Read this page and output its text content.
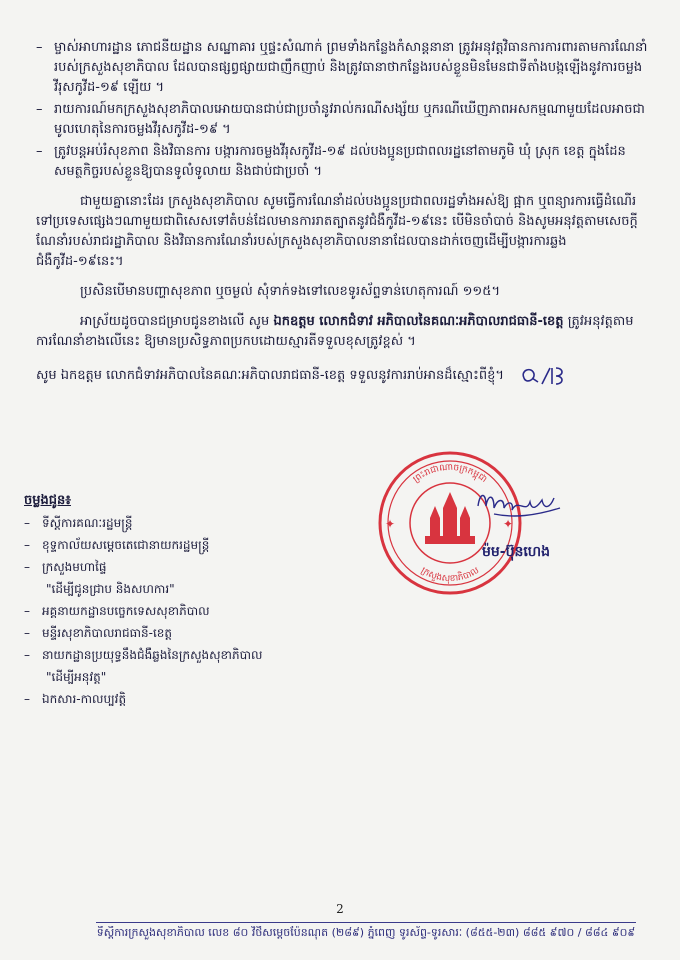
– ម្ចាស់អាហារដ្ឋាន ភោជនីយដ្ឋាន សណ្ឋាគារ ឬផ្ទះសំណាក់ ព្រមទាំងកន្លែងកំសាន្តនានា ត្រូវអនុវត្តវិធានការការពារតាមការណែនាំរបស់ក្រសួងសុខាភិបាល ដែលបានផ្សព្វផ្សាយជាញឹកញាប់ និងត្រូវធានាថាកន្លែងរបស់ខ្លួនមិនមែនជាទីតាំងបង្កឡើងនូវការចម្លងវីរុសកូវីដ-១៩ ឡើយ ។
– រាយការណ៍មកក្រសួងសុខាភិបាលអោយបានជាប់ជាប្រចាំនូវរាល់ករណីសង្ស័យ ឬករណីឃើញភាពអសកម្មណាមួយដែលអាចជាមូលហេតុនៃការចម្លងវីរុសកូវីដ-១៩ ។
– ត្រូវបន្តអប់រំសុខភាព និងវិធានការ បង្ការការចម្លងវីរុសកូវីដ-១៩ ដល់បងប្អូនប្រជាពលរដ្ឋនៅតាមភូមិ ឃុំ ស្រុក ខេត្ត ក្នុងដែនសមត្ថកិច្ចរបស់ខ្លួនឱ្យបានទូលំទូលាយ និងជាប់ជាប្រចាំ ។

ជាមួយគ្នានោះដែរ ក្រសួងសុខាភិបាល សូមធ្វើការណែនាំដល់បងប្អូនប្រជាពលរដ្ឋទាំងអស់ឱ្យ ផ្អាក ឬពន្យារការធ្វើដំណើរទៅប្រទេសផ្សេងៗណាមួយជាពិសេសទៅតំបន់ដែលមានការរាតត្បាតនូវជំងឺកូវីដ-១៩នេះ បើមិនចាំបាច់ និងសូមអនុវត្តតាមសេចក្តីណែនាំរបស់រាជរដ្ឋាភិបាល និងវិធានការណែនាំរបស់ក្រសួងសុខាភិបាលនានាដែលបានដាក់ចេញដើម្បីបង្ការការឆ្លងជំងឺកូវីដ-១៩នេះ។

ប្រសិនបើមានបញ្ហាសុខភាព ឬចម្ងល់ សុំទាក់ទងទៅលេខទូរស័ព្ទទាន់ហេតុការណ៍ ១១៥។

អាស្រ័យដូចបានជម្រាបជូនខាងលើ សូម ឯកឧត្តម លោកជំទាវ អភិបាលនៃគណៈអភិបាលរាជធានី-ខេត្ត ត្រូវអនុវត្តតាមការណែនាំខាងលើនេះ ឱ្យមានប្រសិទ្ធភាពប្រកបដោយស្មារតីទទួលខុសត្រូវខ្ពស់ ។

សូម ឯកឧត្តម លោកជំទាវអភិបាលនៃគណៈអភិបាលរាជធានី-ខេត្ត ទទួលនូវការរាប់អានដ៏ស្មោះពីខ្ញុំ។
ចម្លងជូន៖
–	ទីស្តីការគណៈរដ្ឋមន្ត្រី
–	ខុទ្ទកាល័យសម្តេចតេជោនាយករដ្ឋមន្ត្រី
–	ក្រសួងមហាផ្ទៃ
"ដើម្បីជូនជ្រាប និងសហការ"
–	អគ្គនាយកដ្ឋានបច្ចេកទេសសុខាភិបាល
–	មន្ទីរសុខាភិបាលរាជធានី-ខេត្ត
–	នាយកដ្ឋានប្រយុទ្ធនឹងជំងឺឆ្លងនៃក្រសួងសុខាភិបាល
"ដើម្បីអនុវត្ត"
–	ឯកសារ-កាលប្បវត្តិ
ព្រះរាជាណាចក្រកម្ពុជា
ក្រសួងសុខាភិបាល
✦	✦
ម៉ម-ប៊ុនហេង
2
ទីស្តីការក្រសួងសុខាភិបាល លេខ ៨០ វិថីសម្តេចប៉ែនណុត (២៨៩) ភ្នំពេញ ទូរស័ព្ទ-ទូរសារៈ (៨៥៥-២៣) ៨៨៥ ៩៧០ / ៨៨៤ ៩០៩
